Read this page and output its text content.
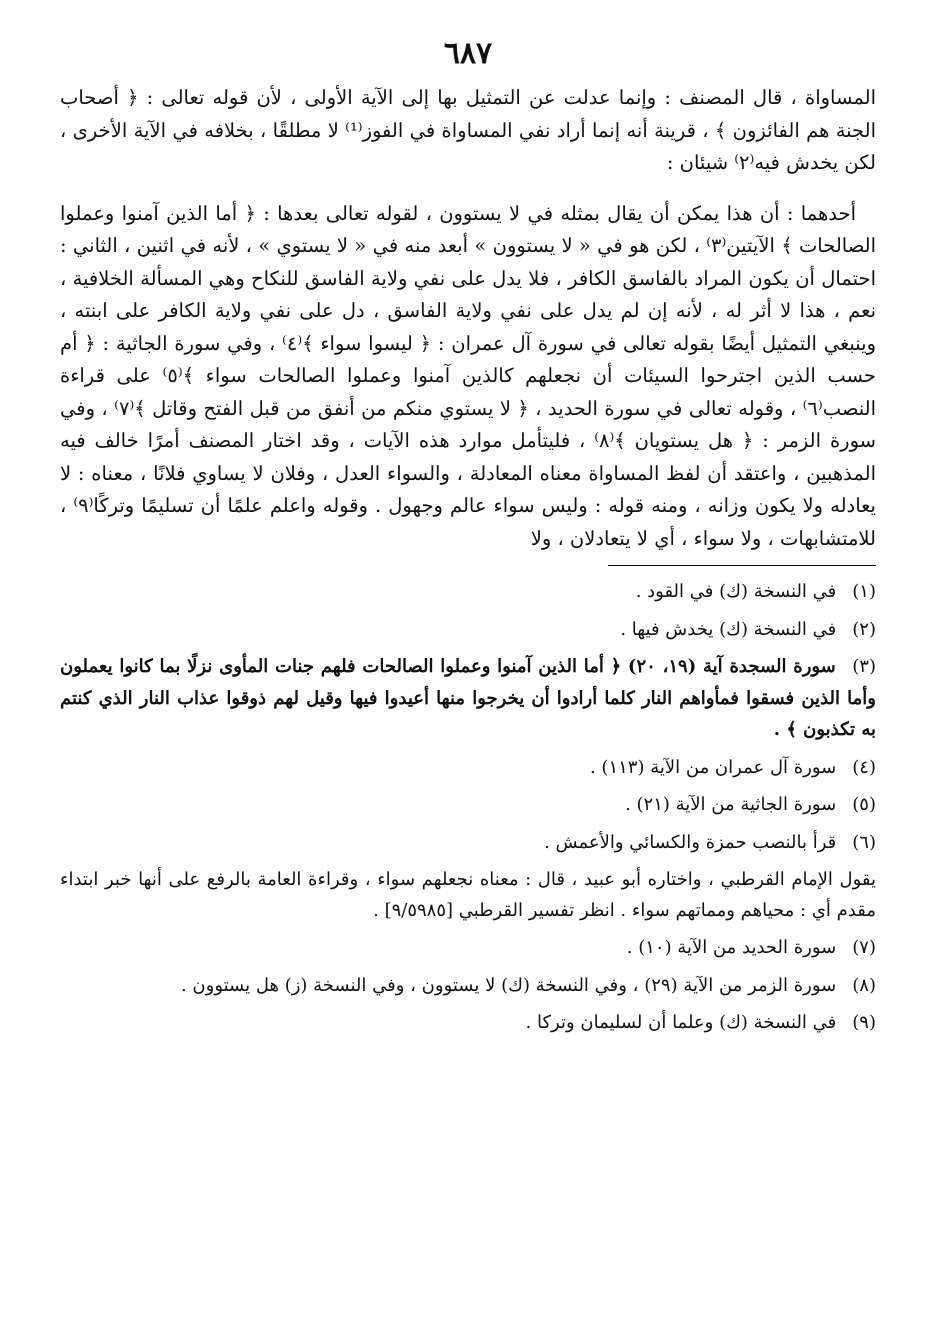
٦٨٧

المساواة ، قال المصنف : وإنما عدلت عن التمثيل بها إلى الآية الأولى ، لأن قوله تعالى : ﴿ أصحاب الجنة هم الفائزون ﴾ ، قرينة أنه إنما أراد نفي المساواة في الفوز⁽¹⁾ لا مطلقًا ، بخلافه في الآية الأخرى ، لكن يخدش فيه⁽٢⁾ شيئان :

أحدهما : أن هذا يمكن أن يقال بمثله في لا يستوون ، لقوله تعالى بعدها : ﴿ أما الذين آمنوا وعملوا الصالحات ﴾ الآيتين⁽٣⁾ ، لكن هو في « لا يستوون » أبعد منه في « لا يستوي » ، لأنه في اثنين ، الثاني : احتمال أن يكون المراد بالفاسق الكافر ، فلا يدل على نفي ولاية الفاسق للنكاح وهي المسألة الخلافية ، نعم ، هذا لا أثر له ، لأنه إن لم يدل على نفي ولاية الفاسق ، دل على نفي ولاية الكافر على ابنته ، وينبغي التمثيل أيضًا بقوله تعالى في سورة آل عمران : ﴿ ليسوا سواء ﴾⁽٤⁾ ، وفي سورة الجاثية : ﴿ أم حسب الذين اجترحوا السيئات أن نجعلهم كالذين آمنوا وعملوا الصالحات سواء ﴾⁽٥⁾ على قراءة النصب⁽٦⁾ ، وقوله تعالى في سورة الحديد ، ﴿ لا يستوي منكم من أنفق من قبل الفتح وقاتل ﴾⁽٧⁾ ، وفي سورة الزمر : ﴿ هل يستويان ﴾⁽٨⁾ ، فليتأمل موارد هذه الآيات ، وقد اختار المصنف أمرًا خالف فيه المذهبين ، واعتقد أن لفظ المساواة معناه المعادلة ، والسواء العدل ، وفلان لا يساوي فلانًا ، معناه : لا يعادله ولا يكون وزانه ، ومنه قوله : وليس سواء عالم وجهول . وقوله واعلم علمًا أن تسليمًا وتركًا⁽٩⁾ ، للامتشابهات ، ولا سواء ، أي لا يتعادلان ، ولا

(١) في النسخة (ك) في القود .
(٢) في النسخة (ك) يخدش فيها .
(٣) سورة السجدة آية (١٩، ٢٠) ﴿ أما الذين آمنوا وعملوا الصالحات فلهم جنات المأوى نزلًا بما كانوا يعملون وأما الذين فسقوا فمأواهم النار كلما أرادوا أن يخرجوا منها أعيدوا فيها وقيل لهم ذوقوا عذاب النار الذي كنتم به تكذبون ﴾ .
(٤) سورة آل عمران من الآية (١١٣) .
(٥) سورة الجاثية من الآية (٢١) .
(٦) قرأ بالنصب حمزة والكسائي والأعمش .
يقول الإمام القرطبي ، واختاره أبو عبيد ، قال : معناه نجعلهم سواء ، وقراءة العامة بالرفع على أنها خبر ابتداء مقدم أي : محياهم ومماتهم سواء . انظر تفسير القرطبي [٩/٥٩٨٥] .
(٧) سورة الحديد من الآية (١٠) .
(٨) سورة الزمر من الآية (٢٩) ، وفي النسخة (ك) لا يستوون ، وفي النسخة (ز) هل يستوون .
(٩) في النسخة (ك) وعلما أن لسليمان وتركا .
